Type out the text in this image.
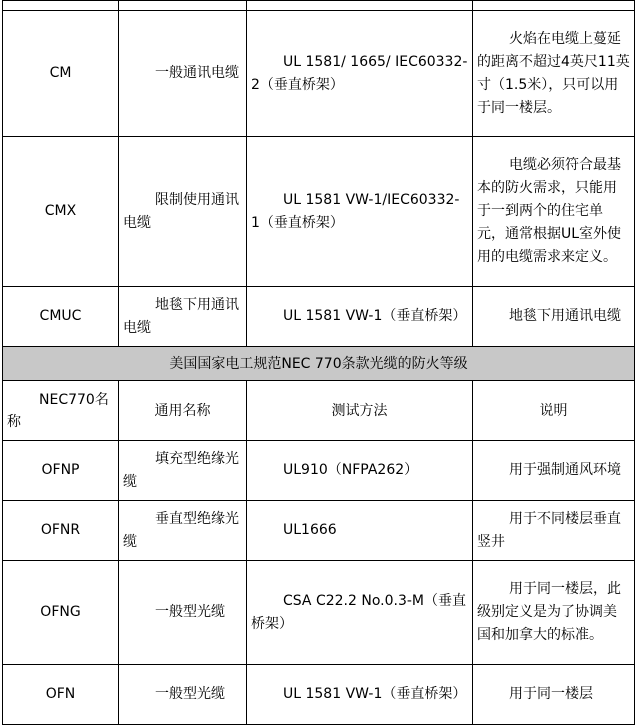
CM	一般通讯电缆	UL 1581/ 1665/ IEC60332-2（垂直桥架）	火焰在电缆上蔓延的距离不超过4英尺11英寸（1.5米），只可以用于同一楼层。
CMX	限制使用通讯电缆	UL 1581 VW-1/IEC60332-1（垂直桥架）	电缆必须符合最基本的防火需求，只能用于一到两个的住宅单元，通常根据UL室外使用的电缆需求来定义。
CMUC	地毯下用通讯电缆	UL 1581 VW-1（垂直桥架）	地毯下用通讯电缆
美国国家电工规范NEC 770条款光缆的防火等级			
NEC770名称	通用名称	测试方法	说明
OFNP	填充型绝缘光缆	UL910（NFPA262）	用于强制通风环境
OFNR	垂直型绝缘光缆	UL1666	用于不同楼层垂直竖井
OFNG	一般型光缆	CSA C22.2 No.0.3-M（垂直桥架）	用于同一楼层，此级别定义是为了协调美国和加拿大的标准。
OFN	一般型光缆	UL 1581 VW-1（垂直桥架）	用于同一楼层
